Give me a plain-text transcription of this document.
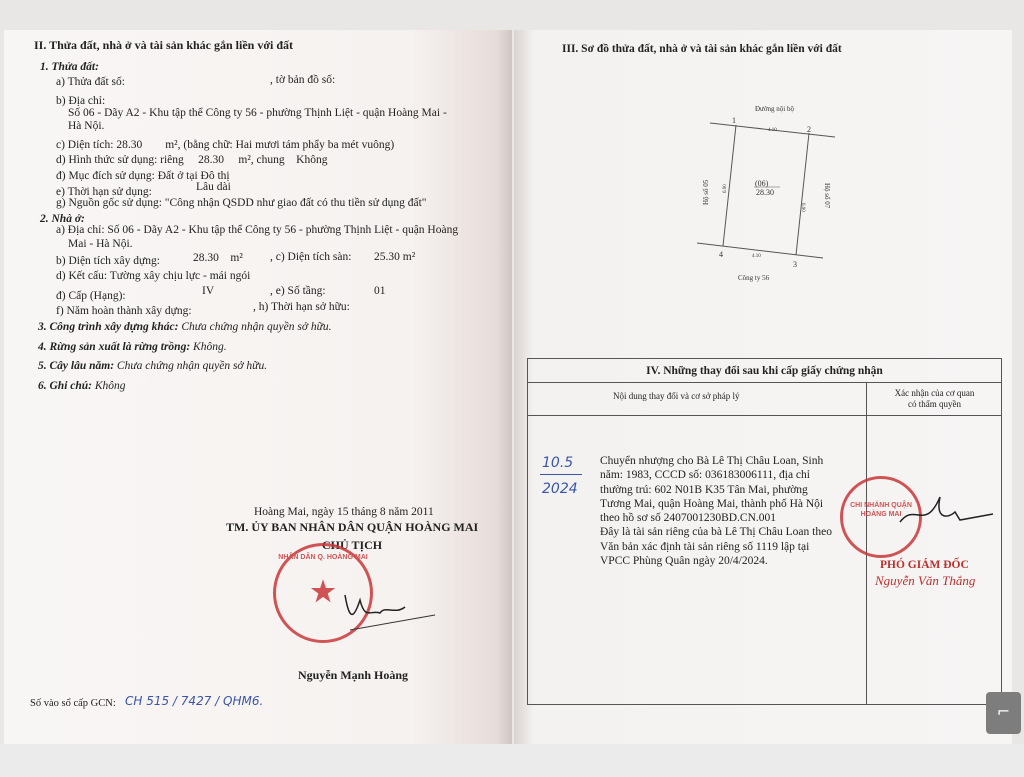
II. Thửa đất, nhà ở và tài sản khác gắn liền với đất
1. Thửa đất:
a) Thửa đất số:	, tờ bản đồ số:
b) Địa chỉ:
Số 06 - Dãy A2 - Khu tập thể Công ty 56 - phường Thịnh Liệt - quận Hoàng Mai -
Hà Nội.
c) Diện tích: 28.30        m², (bằng chữ: Hai mươi tám phẩy ba mét vuông)
d) Hình thức sử dụng: riêng     28.30     m², chung    Không
đ) Mục đích sử dụng: Đất ở tại Đô thị
e) Thời hạn sử dụng:	Lâu dài
g) Nguồn gốc sử dụng: "Công nhận QSDD như giao đất có thu tiền sử dụng đất"
2. Nhà ở:
a) Địa chỉ: Số 06 - Dãy A2 - Khu tập thể Công ty 56 - phường Thịnh Liệt - quận Hoàng
Mai - Hà Nội.
b) Diện tích xây dựng:	28.30    m² , c) Diện tích sàn: 25.30 m²
d) Kết cấu: Tường xây chịu lực - mái ngói
đ) Cấp (Hạng):	IV	, e) Số tầng:	01
f) Năm hoàn thành xây dựng:	, h) Thời hạn sở hữu:
3. Công trình xây dựng khác: Chưa chứng nhận quyền sở hữu.
4. Rừng sản xuất là rừng trồng: Không.
5. Cây lâu năm: Chưa chứng nhận quyền sở hữu.
6. Ghi chú: Không
Hoàng Mai, ngày 15 tháng 8 năm 2011
TM. ỦY BAN NHÂN DÂN QUẬN HOÀNG MAI
CHỦ TỊCH
NHÂN DÂN Q. HOÀNG MAI
★
Nguyễn Mạnh Hoàng
Số vào sổ cấp GCN: CH 515 / 7427 / QHM6.
III. Sơ đồ thửa đất, nhà ở và tài sản khác gắn liền với đất
Đường nội bộ
1
2
3
4
4.10
4.10
(06)
28.30
6.90
6.90
Hộ số 05	Hộ số 07
Công ty 56
IV. Những thay đổi sau khi cấp giấy chứng nhận
Nội dung thay đổi và cơ sở pháp lý	Xác nhận của cơ quan
có thẩm quyền
10.5
2024
Chuyển nhượng cho Bà Lê Thị Châu Loan, Sinh
năm: 1983, CCCD số: 036183006111, địa chỉ
thường trú: 602 N01B K35 Tân Mai, phường
Tương Mai, quận Hoàng Mai, thành phố Hà Nội
theo hồ sơ số 2407001230BD.CN.001
Đây là tài sản riêng của bà Lê Thị Châu Loan theo
Văn bản xác định tài sản riêng số 1119 lập tại
VPCC Phùng Quân ngày 20/4/2024.
CHI NHÁNH QUẬN HOÀNG MAI
PHÓ GIÁM ĐỐC
Nguyễn Văn Thắng
⌐
